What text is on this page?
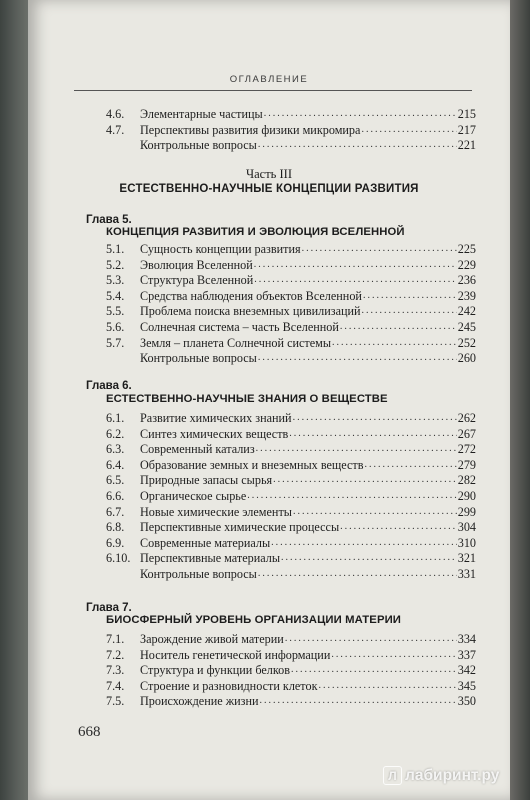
ОГЛАВЛЕНИЕ
4.6.	Элементарные частицы .....	215
4.7.	Перспективы развития физики микромира .....	217
Контрольные вопросы .....	221
Часть III
ЕСТЕСТВЕННО-НАУЧНЫЕ КОНЦЕПЦИИ РАЗВИТИЯ
Глава 5.
КОНЦЕПЦИЯ РАЗВИТИЯ И ЭВОЛЮЦИЯ ВСЕЛЕННОЙ
5.1.	Сущность концепции развития .....	225
5.2.	Эволюция Вселенной .....	229
5.3.	Структура Вселенной .....	236
5.4.	Средства наблюдения объектов Вселенной .....	239
5.5.	Проблема поиска внеземных цивилизаций .....	242
5.6.	Солнечная система – часть Вселенной .....	245
5.7.	Земля – планета Солнечной системы .....	252
Контрольные вопросы .....	260
Глава 6.
ЕСТЕСТВЕННО-НАУЧНЫЕ ЗНАНИЯ О ВЕЩЕСТВЕ
6.1.	Развитие химических знаний .....	262
6.2.	Синтез химических веществ .....	267
6.3.	Современный катализ .....	272
6.4.	Образование земных и внеземных веществ .....	279
6.5.	Природные запасы сырья .....	282
6.6.	Органическое сырье .....	290
6.7.	Новые химические элементы .....	299
6.8.	Перспективные химические процессы .....	304
6.9.	Современные материалы .....	310
6.10. Перспективные материалы .....	321
Контрольные вопросы .....	331
Глава 7.
БИОСФЕРНЫЙ УРОВЕНЬ ОРГАНИЗАЦИИ МАТЕРИИ
7.1.	Зарождение живой материи .....	334
7.2.	Носитель генетической информации .....	337
7.3.	Структура и функции белков .....	342
7.4.	Строение и разновидности клеток .....	345
7.5.	Происхождение жизни .....	350
668
Л лабиринт.ру
